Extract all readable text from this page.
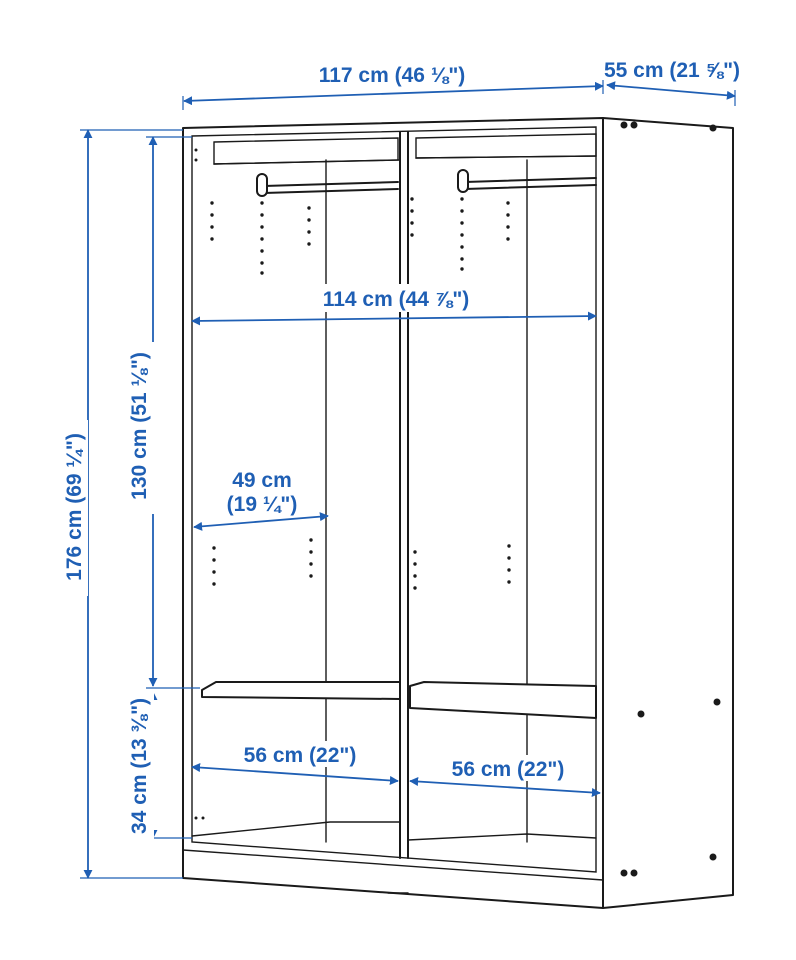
117 cm (46 ⅛")	55 cm (21 ⅝")
114 cm (44 ⅞")
49 cm
(19 ¼")
56 cm (22")
56 cm (22")
176 cm (69 ¼")
130 cm (51 ⅛")
34 cm (13 ⅜")
